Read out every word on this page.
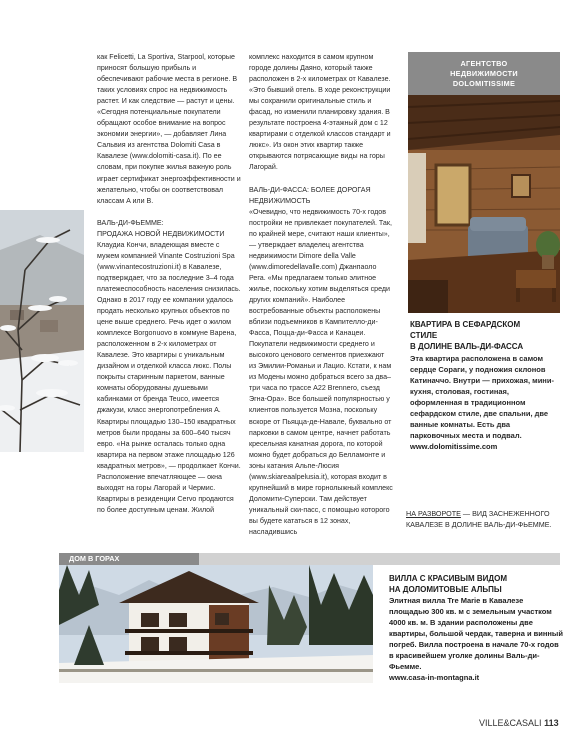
как Felicetti, La Sportiva, Starpool, которые приносят большую прибыль и обеспечивают рабочие места в регионе. В таких условиях спрос на недвижимость растет. И как следствие — растут и цены. «Сегодня потенциальные покупатели обращают особое внимание на вопрос экономии энергии», — добавляет Лина Сальвия из агентства Dolomiti Casa в Кавалезе (www.dolomiti-casa.it). По ее словам, при покупке жилья важную роль играет сертификат энергоэффективности и желательно, чтобы он соответствовал классам A или B.

ВАЛЬ-ДИ-ФЬЕММЕ:

ПРОДАЖА НОВОЙ НЕДВИЖИМОСТИ

Клаудиа Кончи, владеющая вместе с мужем компанией Vinante Costruzioni Spa (www.vinantecostruzioni.it) в Кавалезе, подтверждает, что за последние 3–4 года платежеспособность населения снизилась. Однако в 2017 году ее компании удалось продать несколько крупных объектов по цене выше среднего. Речь идет о жилом комплексе Borgonuovo в коммуне Варена, расположенном в 2-х километрах от Кавалезе. Это квартиры с уникальным дизайном и отделкой класса люкс. Полы покрыты старинным паркетом, ванные комнаты оборудованы душевыми кабинками от бренда Teuco, имеется джакузи, класс энергопотребления A. Квартиры площадью 130–150 квадратных метров были проданы за 600–640 тысяч евро. «На рынке осталась только одна квартира на первом этаже площадью 126 квадратных метров», — продолжает Кончи. Расположение впечатляющее — окна выходят на горы Лагорай и Чермис.

Квартиры в резиденции Cervo продаются по более доступным ценам. Жилой

комплекс находится в самом крупном городе долины Даяно, который также расположен в 2-х километрах от Кавалезе. «Это бывший отель. В ходе реконструкции мы сохранили оригинальные стиль и фасад, но изменили планировку здания. В результате построена 4-этажный дом с 12 квартирами с отделкой классов стандарт и люкс». Из окон этих квартир также открываются потрясающие виды на горы Лагорай.

ВАЛЬ-ДИ-ФАССА: БОЛЕЕ ДОРОГАЯ НЕДВИЖИМОСТЬ

«Очевидно, что недвижимость 70-х годов постройки не привлекает покупателей. Так, по крайней мере, считают наши клиенты», — утверждает владелец агентства недвижимости Dimore della Valle (www.dimoredellavalle.com) Джанпаоло Рега. «Мы предлагаем только элитное жилье, поскольку хотим выделяться среди других компаний». Наиболее востребованные объекты расположены вблизи подъемников в Кампителло-ди-Фасса, Поцца-ди-Фасса и Канацеи. Покупатели недвижимости среднего и высокого ценового сегментов приезжают из Эмилии-Романьи и Лацио. Кстати, к нам из Модены можно добраться всего за два–три часа по трассе A22 Brennero, съезд Эгна-Ора». Все большей популярностью у клиентов пользуется Мозна, поскольку вскоре от Пьяцца-де-Навале, буквально от парковки в самом центре, начнет работать кресельная канатная дорога, по которой можно будет добраться до Белламонте и зоны катания Альпе-Люсия (www.skiareaalpelusia.it), которая входит в крупнейший в мире горнолыжный комплекс Доломити-Суперски. Там действует уникальный ски-пасс, с помощью которого вы будете кататься в 12 зонах, насладившись

АГЕНТСТВО
НЕДВИЖИМОСТИ
DOLOMITISSIME
КВАРТИРА В СЕФАРДСКОМ
СТИЛЕ
В ДОЛИНЕ ВАЛЬ-ДИ-ФАССА
Эта квартира расположена в самом сердце Сораги, у подножия склонов Катиначчо. Внутри — прихожая, мини-кухня, столовая, гостиная, оформленная в традиционном сефардском стиле, две спальни, две ванные комнаты. Есть два парковочных места и подвал.
www.dolomitissime.com
НА РАЗВОРОТЕ — ВИД ЗАСНЕЖЕННОГО КАВАЛЕЗЕ В ДОЛИНЕ ВАЛЬ-ДИ-ФЬЕММЕ.
ДОМ В ГОРАХ
ВИЛЛА С КРАСИВЫМ ВИДОМ
НА ДОЛОМИТОВЫЕ АЛЬПЫ
Элитная вилла Tre Marie в Кавалезе площадью 300 кв. м с земельным участком 4000 кв. м. В здании расположены две квартиры, большой чердак, таверна и винный погреб. Вилла построена в начале 70-х годов в красивейшем уголке долины Валь-ди-Фьемме.
www.casa-in-montagna.it
VILLE&CASALI 113
